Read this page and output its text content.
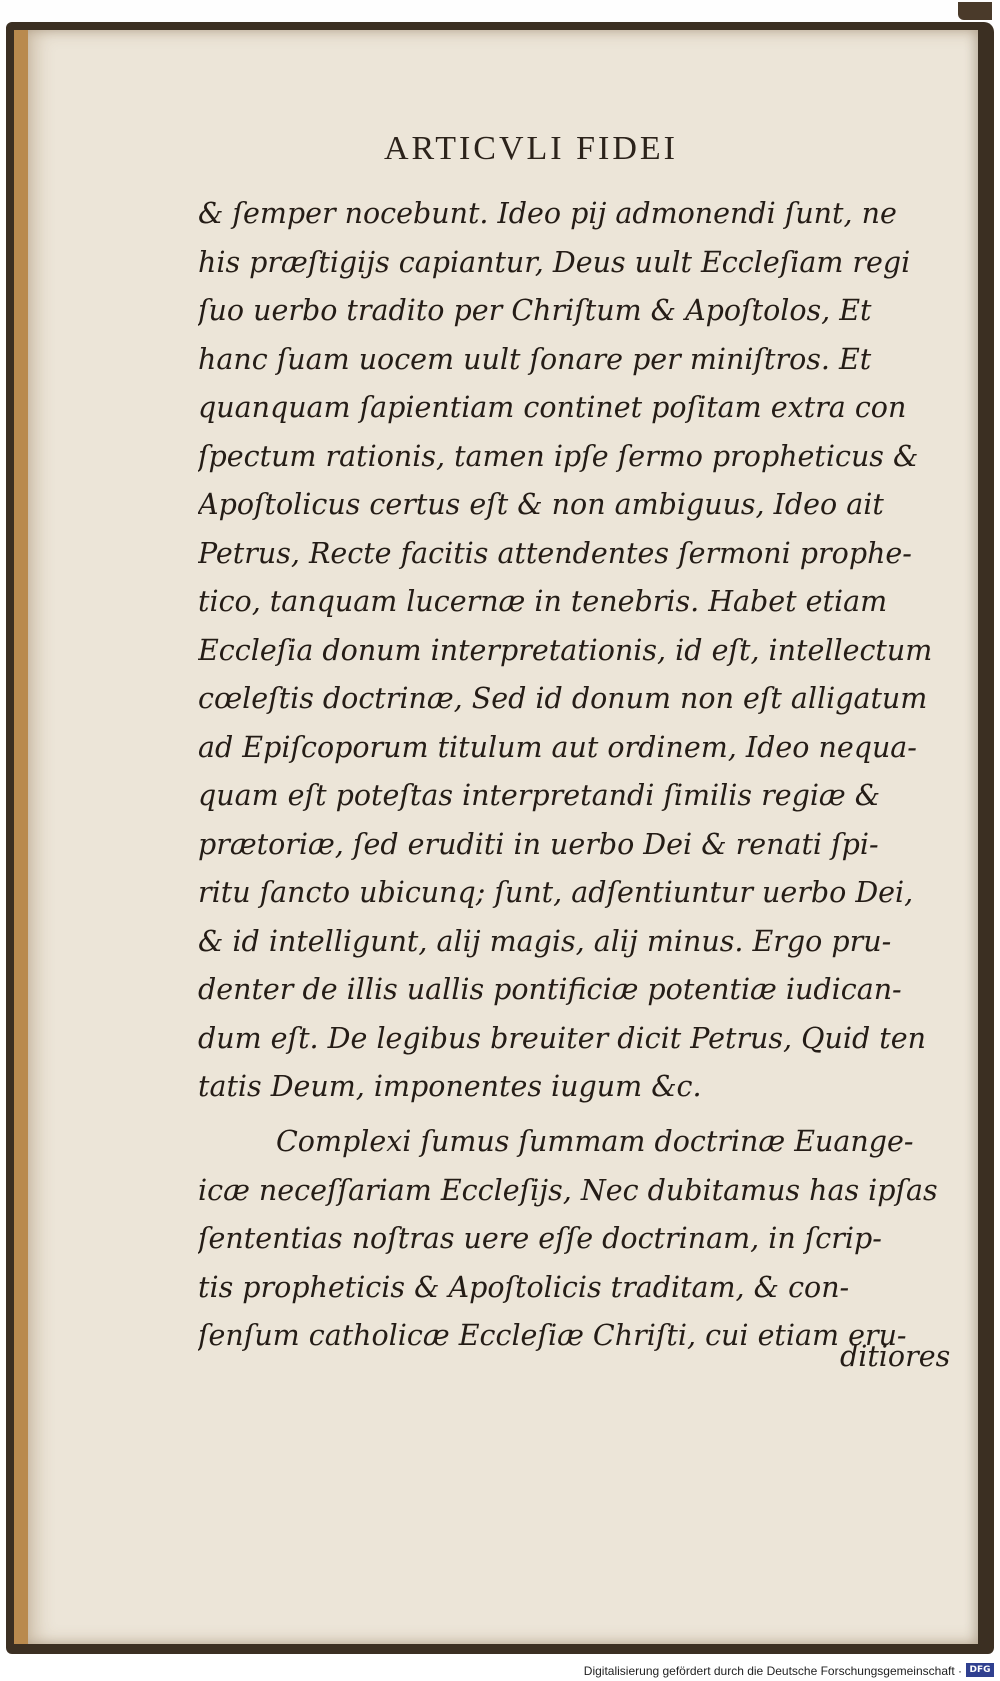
ARTICVLI FIDEI
& ſemper nocebunt. Ideo pij admonendi ſunt, ne
his præſtigijs capiantur, Deus uult Eccleſiam regi
ſuo uerbo tradito per Chriſtum & Apoſtolos, Et
hanc ſuam uocem uult ſonare per miniſtros. Et
quanquam ſapientiam continet poſitam extra con
ſpectum rationis, tamen ipſe ſermo propheticus &
Apoſtolicus certus eſt & non ambiguus, Ideo ait
Petrus, Recte facitis attendentes ſermoni prophe-
tico, tanquam lucernæ in tenebris. Habet etiam
Eccleſia donum interpretationis, id eſt, intellectum
cœleſtis doctrinæ, Sed id donum non eſt alligatum
ad Epiſcoporum titulum aut ordinem, Ideo nequa-
quam eſt poteſtas interpretandi ſimilis regiæ &
prætoriæ, ſed eruditi in uerbo Dei & renati ſpi-
ritu ſancto ubicunq; ſunt, adſentiuntur uerbo Dei,
& id intelligunt, alij magis, alij minus. Ergo pru-
denter de illis uallis pontificiæ potentiæ iudican-
dum eſt. De legibus breuiter dicit Petrus, Quid ten
tatis Deum, imponentes iugum &c.
Complexi ſumus ſummam doctrinæ Euange-
icæ neceſſariam Eccleſijs, Nec dubitamus has ipſas
ſententias noſtras uere eſſe doctrinam, in ſcrip-
tis propheticis & Apoſtolicis traditam, & con-
ſenſum catholicæ Eccleſiæ Chriſti, cui etiam eru-
ditiores
Digitalisierung gefördert durch die Deutsche Forschungsgemeinschaft · DFG
